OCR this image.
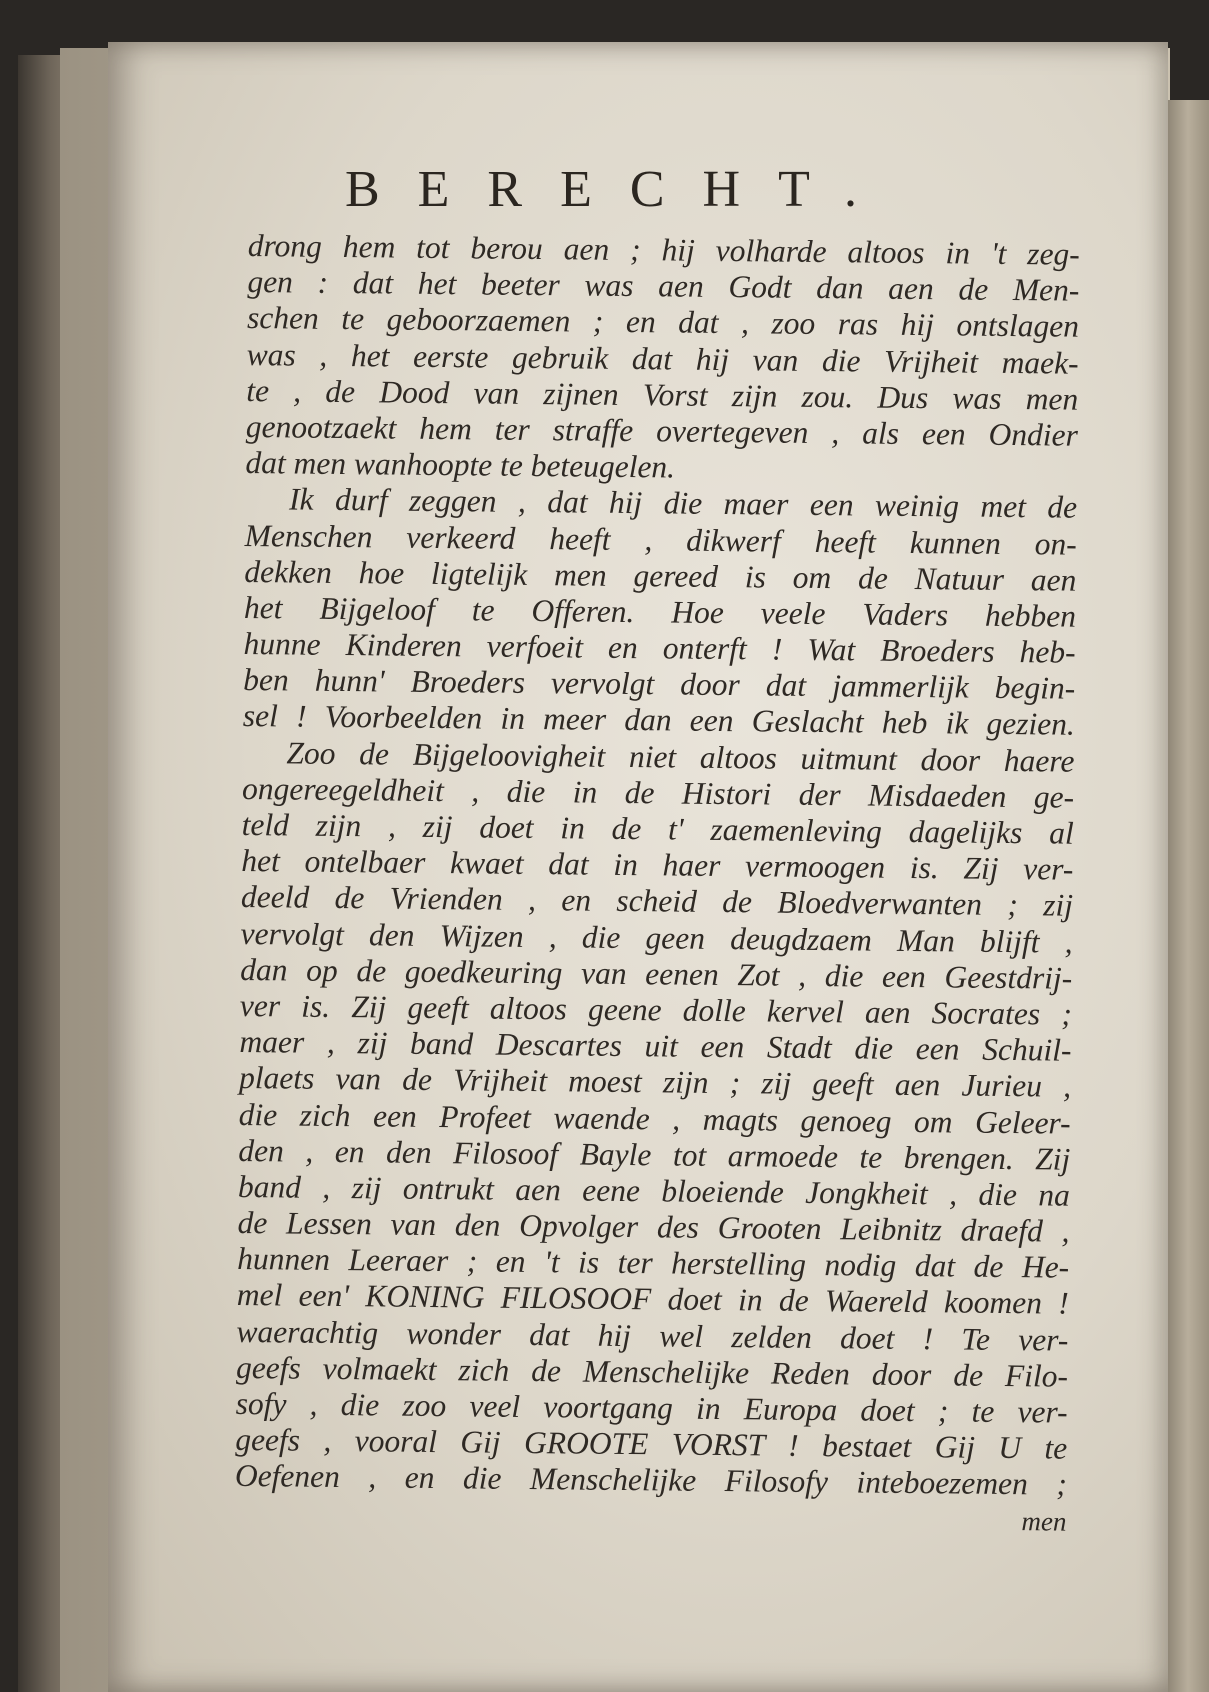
BERECHT.
drong hem tot berou aen ; hij volharde altoos in 't zeg-
gen : dat het beeter was aen Godt dan aen de Men-
schen te geboorzaemen ; en dat , zoo ras hij ontslagen
was , het eerste gebruik dat hij van die Vrijheit maek-
te , de Dood van zijnen Vorst zijn zou. Dus was men
genootzaekt hem ter straffe overtegeven , als een Ondier
dat men wanhoopte te beteugelen.
Ik durf zeggen , dat hij die maer een weinig met de
Menschen verkeerd heeft , dikwerf heeft kunnen on-
dekken hoe ligtelijk men gereed is om de Natuur aen
het Bijgeloof te Offeren. Hoe veele Vaders hebben
hunne Kinderen verfoeit en onterft ! Wat Broeders heb-
ben hunn' Broeders vervolgt door dat jammerlijk begin-
sel ! Voorbeelden in meer dan een Geslacht heb ik gezien.
Zoo de Bijgeloovigheit niet altoos uitmunt door haere
ongereegeldheit , die in de Histori der Misdaeden ge-
teld zijn , zij doet in de t' zaemenleving dagelijks al
het ontelbaer kwaet dat in haer vermoogen is. Zij ver-
deeld de Vrienden , en scheid de Bloedverwanten ; zij
vervolgt den Wijzen , die geen deugdzaem Man blijft ,
dan op de goedkeuring van eenen Zot , die een Geestdrij-
ver is. Zij geeft altoos geene dolle kervel aen Socrates ;
maer , zij band Descartes uit een Stadt die een Schuil-
plaets van de Vrijheit moest zijn ; zij geeft aen Jurieu ,
die zich een Profeet waende , magts genoeg om Geleer-
den , en den Filosoof Bayle tot armoede te brengen. Zij
band , zij ontrukt aen eene bloeiende Jongkheit , die na
de Lessen van den Opvolger des Grooten Leibnitz draefd ,
hunnen Leeraer ; en 't is ter herstelling nodig dat de He-
mel een' KONING FILOSOOF doet in de Waereld koomen !
waerachtig wonder dat hij wel zelden doet ! Te ver-
geefs volmaekt zich de Menschelijke Reden door de Filo-
sofy , die zoo veel voortgang in Europa doet ; te ver-
geefs , vooral Gij GROOTE VORST ! bestaet Gij U te
Oefenen , en die Menschelijke Filosofy inteboezemen ;
men
